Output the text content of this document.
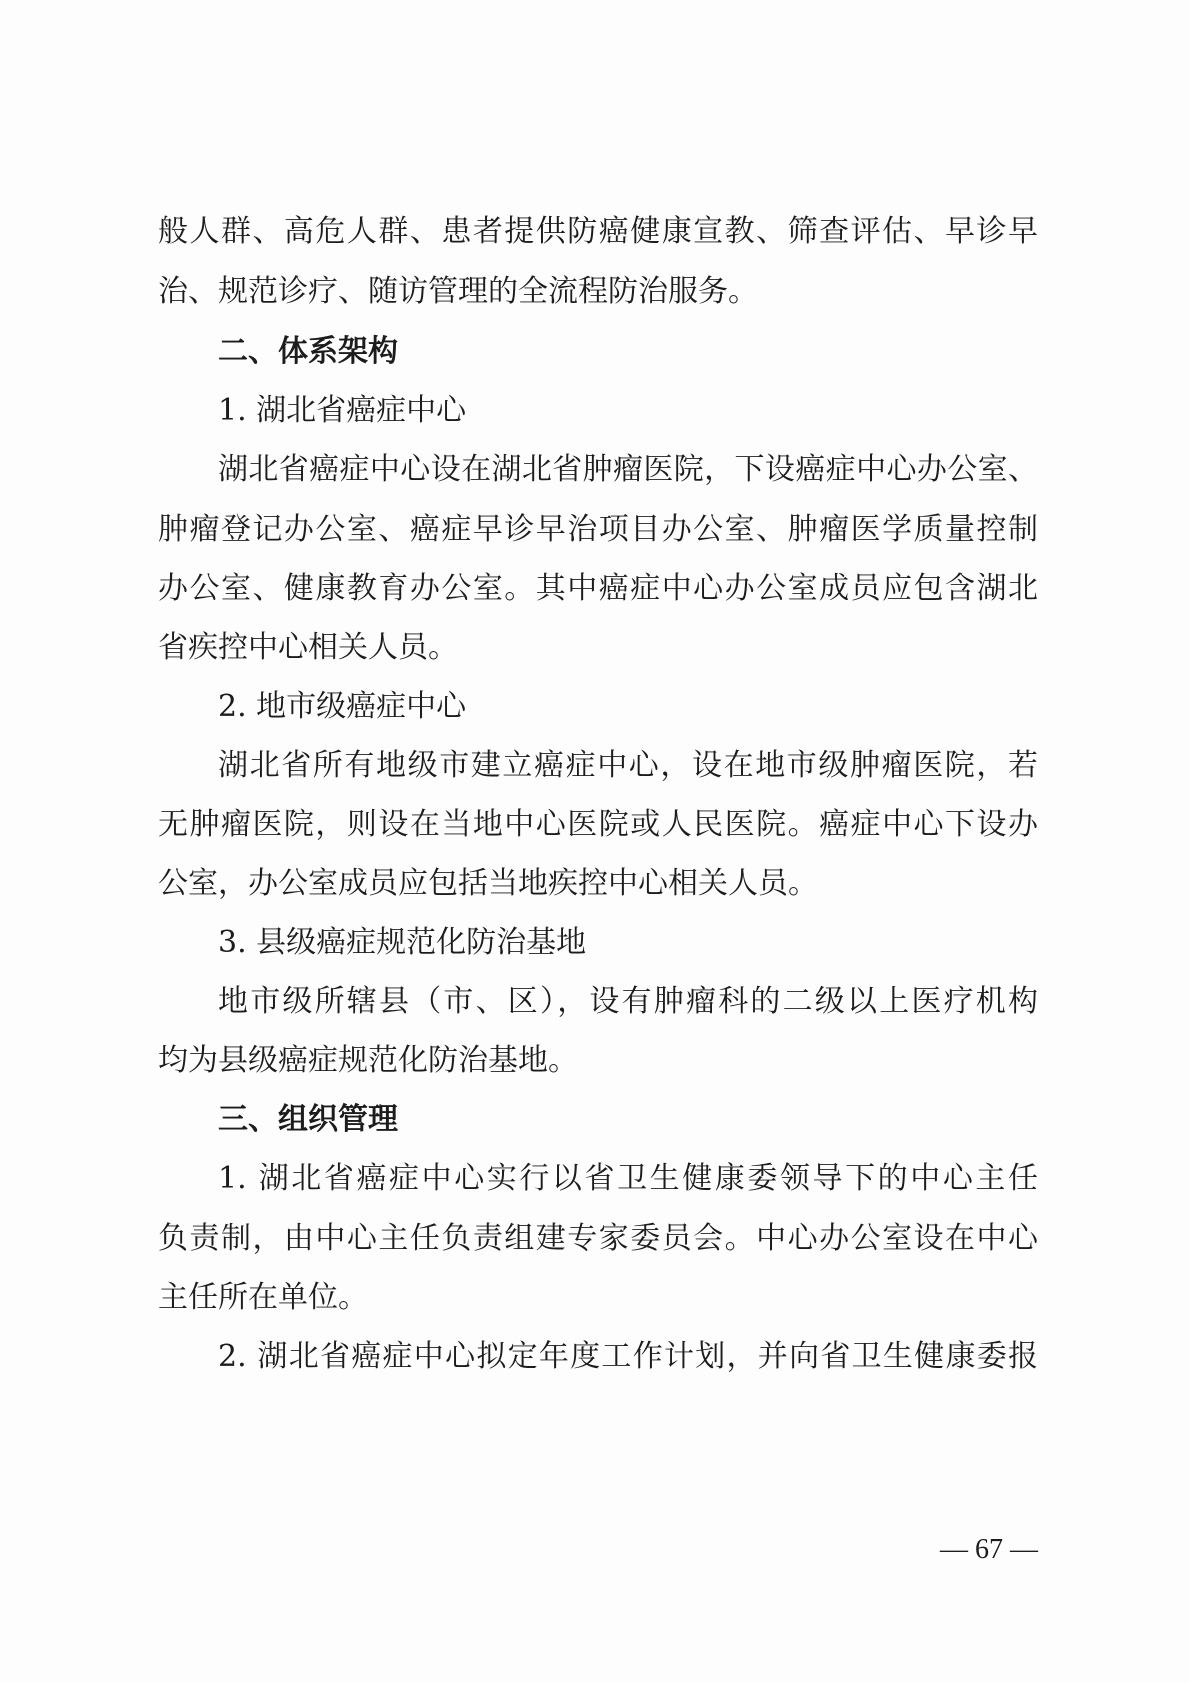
般人群、高危人群、患者提供防癌健康宣教、筛查评估、早诊早
治、规范诊疗、随访管理的全流程防治服务。
二、体系架构
1. 湖北省癌症中心
湖北省癌症中心设在湖北省肿瘤医院，下设癌症中心办公室、
肿瘤登记办公室、癌症早诊早治项目办公室、肿瘤医学质量控制
办公室、健康教育办公室。其中癌症中心办公室成员应包含湖北
省疾控中心相关人员。
2. 地市级癌症中心
湖北省所有地级市建立癌症中心，设在地市级肿瘤医院，若
无肿瘤医院，则设在当地中心医院或人民医院。癌症中心下设办
公室，办公室成员应包括当地疾控中心相关人员。
3. 县级癌症规范化防治基地
地市级所辖县（市、区），设有肿瘤科的二级以上医疗机构
均为县级癌症规范化防治基地。
三、组织管理
1. 湖北省癌症中心实行以省卫生健康委领导下的中心主任
负责制，由中心主任负责组建专家委员会。中心办公室设在中心
主任所在单位。
2. 湖北省癌症中心拟定年度工作计划，并向省卫生健康委报
— 67 —
